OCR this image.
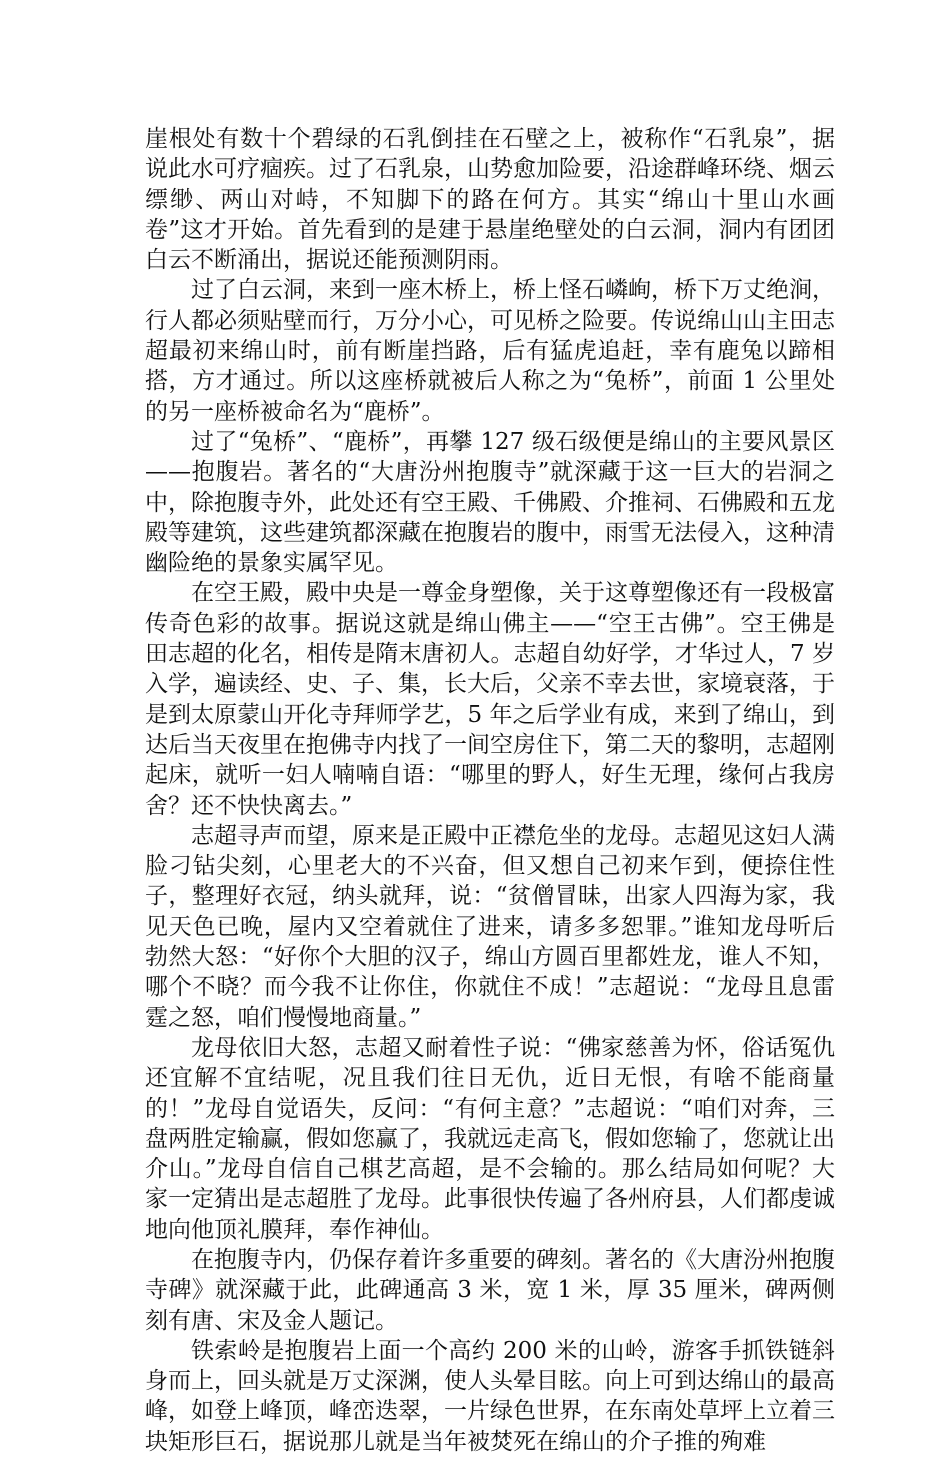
崖根处有数十个碧绿的石乳倒挂在石壁之上，被称作“石乳泉”，据说此水可疗痼疾。过了石乳泉，山势愈加险要，沿途群峰环绕、烟云缥缈、两山对峙，不知脚下的路在何方。其实“绵山十里山水画卷”这才开始。首先看到的是建于悬崖绝壁处的白云洞，洞内有团团白云不断涌出，据说还能预测阴雨。

过了白云洞，来到一座木桥上，桥上怪石嶙峋，桥下万丈绝涧，行人都必须贴壁而行，万分小心，可见桥之险要。传说绵山山主田志超最初来绵山时，前有断崖挡路，后有猛虎追赶，幸有鹿兔以蹄相搭，方才通过。所以这座桥就被后人称之为“兔桥”，前面 1 公里处的另一座桥被命名为“鹿桥”。

过了“兔桥”、“鹿桥”，再攀 127 级石级便是绵山的主要风景区——抱腹岩。著名的“大唐汾州抱腹寺”就深藏于这一巨大的岩洞之中，除抱腹寺外，此处还有空王殿、千佛殿、介推祠、石佛殿和五龙殿等建筑，这些建筑都深藏在抱腹岩的腹中，雨雪无法侵入，这种清幽险绝的景象实属罕见。

在空王殿，殿中央是一尊金身塑像，关于这尊塑像还有一段极富传奇色彩的故事。据说这就是绵山佛主——“空王古佛”。空王佛是田志超的化名，相传是隋末唐初人。志超自幼好学，才华过人，7 岁入学，遍读经、史、子、集，长大后，父亲不幸去世，家境衰落，于是到太原蒙山开化寺拜师学艺，5 年之后学业有成，来到了绵山，到达后当天夜里在抱佛寺内找了一间空房住下，第二天的黎明，志超刚起床，就听一妇人喃喃自语：“哪里的野人，好生无理，缘何占我房舍？还不快快离去。”

志超寻声而望，原来是正殿中正襟危坐的龙母。志超见这妇人满脸刁钻尖刻，心里老大的不兴奋，但又想自己初来乍到，便捺住性子，整理好衣冠，纳头就拜，说：“贫僧冒昧，出家人四海为家，我见天色已晚，屋内又空着就住了进来，请多多恕罪。”谁知龙母听后勃然大怒：“好你个大胆的汉子，绵山方圆百里都姓龙，谁人不知，哪个不晓？而今我不让你住，你就住不成！”志超说：“龙母且息雷霆之怒，咱们慢慢地商量。”

龙母依旧大怒，志超又耐着性子说：“佛家慈善为怀，俗话冤仇还宜解不宜结呢，况且我们往日无仇，近日无恨，有啥不能商量的！”龙母自觉语失，反问：“有何主意？”志超说：“咱们对奔，三盘两胜定输赢，假如您赢了，我就远走高飞，假如您输了，您就让出介山。”龙母自信自己棋艺高超，是不会输的。那么结局如何呢？大家一定猜出是志超胜了龙母。此事很快传遍了各州府县，人们都虔诚地向他顶礼膜拜，奉作神仙。

在抱腹寺内，仍保存着许多重要的碑刻。著名的《大唐汾州抱腹寺碑》就深藏于此，此碑通高 3 米，宽 1 米，厚 35 厘米，碑两侧刻有唐、宋及金人题记。

铁索岭是抱腹岩上面一个高约 200 米的山岭，游客手抓铁链斜身而上，回头就是万丈深渊，使人头晕目眩。向上可到达绵山的最高峰，如登上峰顶，峰峦迭翠，一片绿色世界，在东南处草坪上立着三块矩形巨石，据说那儿就是当年被焚死在绵山的介子推的殉难
